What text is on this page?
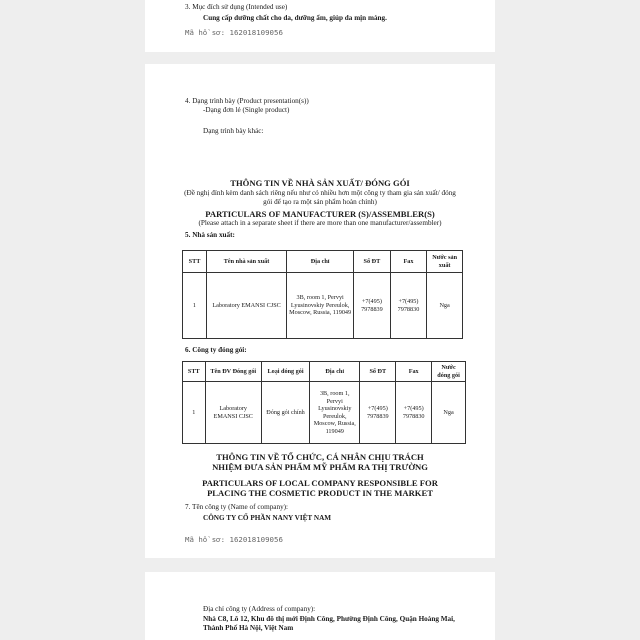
3. Mục đích sử dụng (Intended use)
Cung cấp dưỡng chất cho da, dưỡng ẩm, giúp da mịn màng.
Mã hồ sơ: 162018109056
4. Dạng trình bày (Product presentation(s))
-Dạng đơn lẻ (Single product)
Dạng trình bày khác:
THÔNG TIN VỀ NHÀ SẢN XUẤT/ ĐÓNG GÓI
(Đề nghị đính kèm danh sách riêng nếu như có nhiều hơn một công ty tham gia sản xuất/ đóng gói để tạo ra một sản phẩm hoàn chỉnh)
PARTICULARS OF MANUFACTURER (S)/ASSEMBLER(S)
(Please attach in a separate sheet if there are more than one manufacturer/assembler)
5. Nhà sản xuất:
STT	Tên nhà sản xuất	Địa chỉ	Số ĐT	Fax	Nước sản xuất
1	Laboratory EMANSI CJSC	3B, room 1, Pervyi Lyusinovskiy Pereulok, Moscow, Russia, 119049	+7(495) 7978839	+7(495) 7978830	Nga
6. Công ty đóng gói:
STT	Tên ĐV Đóng gói	Loại đóng gói	Địa chỉ	Số ĐT	Fax	Nước đóng gói
1	Laboratory EMANSI CJSC	Đóng gói chính	3B, room 1, Pervyi Lyusinovskiy Pereulok, Moscow, Russia, 119049	+7(495) 7978839	+7(495) 7978830	Nga
THÔNG TIN VỀ TỔ CHỨC, CÁ NHÂN CHỊU TRÁCH NHIỆM ĐƯA SẢN PHẨM MỸ PHẨM RA THỊ TRƯỜNG
PARTICULARS OF LOCAL COMPANY RESPONSIBLE FOR PLACING THE COSMETIC PRODUCT IN THE MARKET
7. Tên công ty (Name of company):
CÔNG TY CỔ PHẦN NANY VIỆT NAM
Mã hồ sơ: 162018109056
Địa chỉ công ty (Address of company):
Nhà C8, Lô 12, Khu đô thị mới Định Công, Phường Định Công, Quận Hoàng Mai, Thành Phố Hà Nội, Việt Nam
